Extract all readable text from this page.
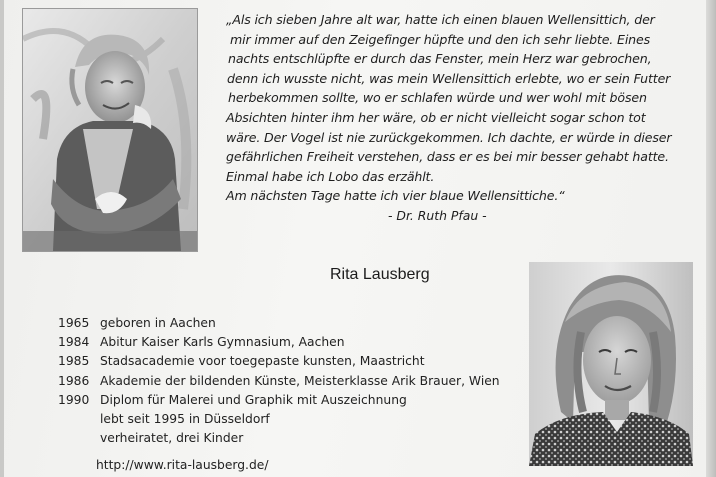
„Als ich sieben Jahre alt war, hatte ich einen blauen Wellensittich, der
mir immer auf den Zeigefinger hüpfte und den ich sehr liebte. Eines
nachts entschlüpfte er durch das Fenster, mein Herz war gebrochen,
denn ich wusste nicht, was mein Wellensittich erlebte, wo er sein Futter
herbekommen sollte, wo er schlafen würde und wer wohl mit bösen
Absichten hinter ihm her wäre, ob er nicht vielleicht sogar schon tot
wäre. Der Vogel ist nie zurückgekommen. Ich dachte, er würde in dieser
gefährlichen Freiheit verstehen, dass er es bei mir besser gehabt hatte.
Einmal habe ich Lobo das erzählt.
Am nächsten Tage hatte ich vier blaue Wellensittiche.“
- Dr. Ruth Pfau -
Rita Lausberg
1965 geboren in Aachen
1984 Abitur Kaiser Karls Gymnasium, Aachen
1985 Stadsacademie voor toegepaste kunsten, Maastricht
1986 Akademie der bildenden Künste, Meisterklasse Arik Brauer, Wien
1990 Diplom für Malerei und Graphik mit Auszeichnung
lebt seit 1995 in Düsseldorf
verheiratet, drei Kinder
http://www.rita-lausberg.de/
